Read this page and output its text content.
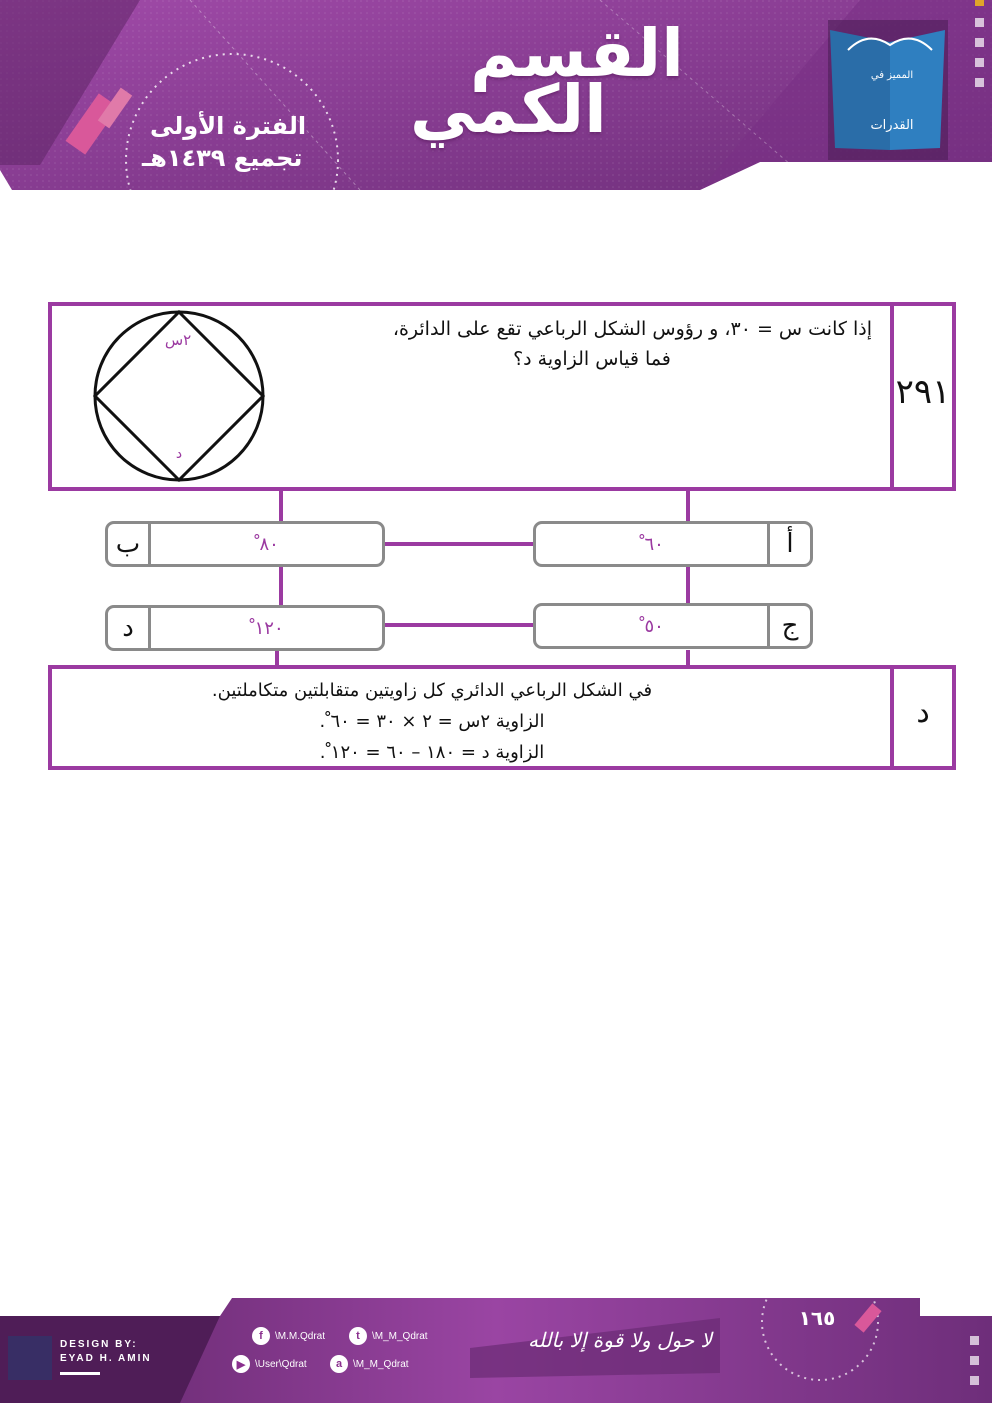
القسم
الكمي
الفترة الأولى
تجميع ١٤٣٩هـ
القدرات
المميز في
٢٩١
إذا كانت س = ٣٠، و رؤوس الشكل الرباعي تقع على الدائرة،
فما قياس الزاوية د؟
٢س
د
٦٠ ْ	أ
ب	٨٠ ْ
٥٠ ْ	ج
د	١٢٠ ْ
د
في الشكل الرباعي الدائري كل زاويتين متقابلتين متكاملتين.
الزاوية ٢س = ٢ × ٣٠ = ٦٠ ْ.
الزاوية د = ١٨٠ – ٦٠ = ١٢٠ ْ.
DESIGN BY:
EYAD H. AMIN
f	\M.M.Qdrat	t	\M_M_Qdrat
▶ \User\Qdrat	a	\M_M_Qdrat
لا حول ولا قوة إلا بالله
١٦٥
